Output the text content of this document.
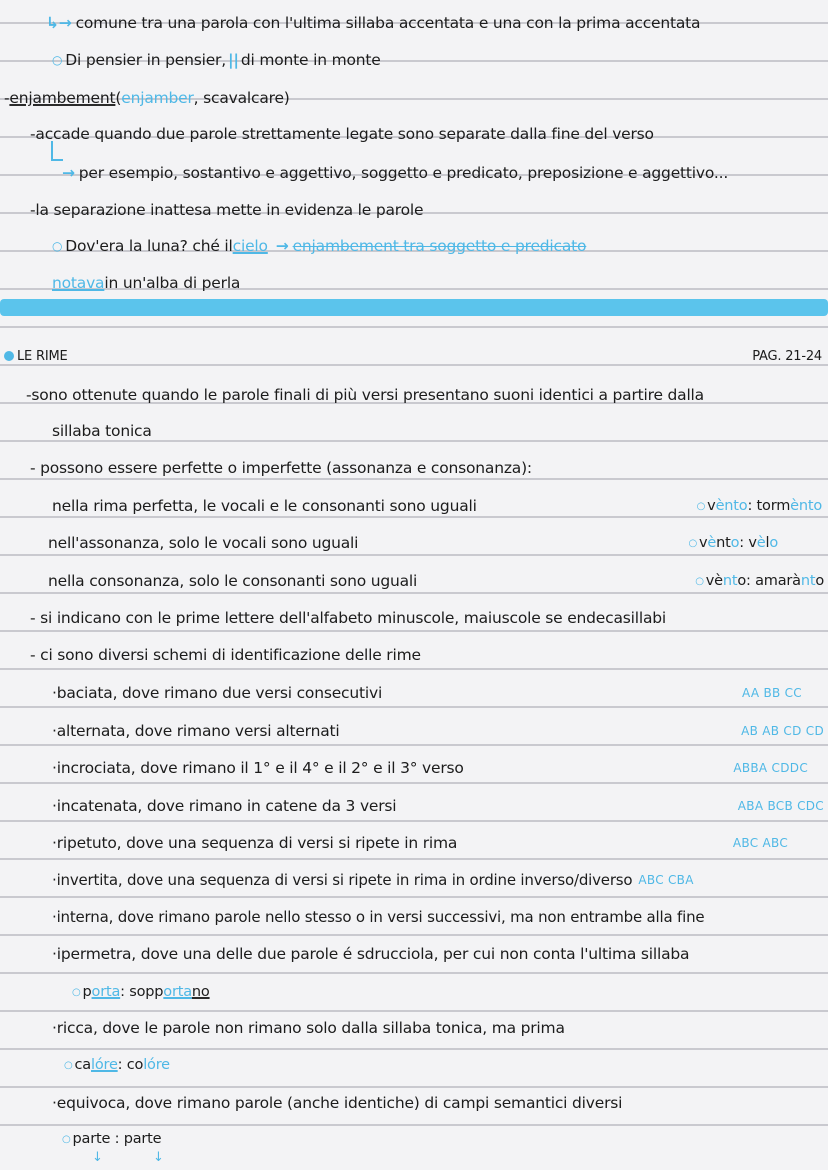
↳→ comune tra una parola con l'ultima sillaba accentata e una con la prima accentata
○ Di pensier in pensier, || di monte in monte
- enjambement ( enjamber , scavalcare)
-accade quando due parole strettamente legate sono separate dalla fine del verso
→ per esempio, sostantivo e aggettivo, soggetto e predicato, preposizione e aggettivo...
-la separazione inattesa mette in evidenza le parole
○ Dov'era la luna? ché il cielo → enjambement tra soggetto e predicato
notava in un'alba di perla
LE RIME	PAG. 21-24
-sono ottenute quando le parole finali di più versi presentano suoni identici a partire dalla
sillaba tonica
- possono essere perfette o imperfette (assonanza e consonanza):
nella rima perfetta, le vocali e le consonanti sono uguali	○ v ènto : torm ènto
nell'assonanza, solo le vocali sono uguali	○ v è nt o : v è l o
nella consonanza, solo le consonanti sono uguali	○ vè nt o : amarà nt o
- si indicano con le prime lettere dell'alfabeto minuscole, maiuscole se endecasillabi
- ci sono diversi schemi di identificazione delle rime
· baciata, dove rimano due versi consecutivi	AA BB CC
· alternata, dove rimano versi alternati	AB AB CD CD
· incrociata, dove rimano il 1° e il 4° e il 2° e il 3° verso	ABBA CDDC
· incatenata, dove rimano in catene da 3 versi	ABA BCB CDC
· ripetuto, dove una sequenza di versi si ripete in rima	ABC ABC
· invertita, dove una sequenza di versi si ripete in rima in ordine inverso/diverso ABC CBA
· interna, dove rimano parole nello stesso o in versi successivi, ma non entrambe alla fine
· ipermetra, dove una delle due parole é sdrucciola, per cui non conta l'ultima sillaba
○ p orta : sopp orta no
· ricca, dove le parole non rimano solo dalla sillaba tonica, ma prima
○ ca lóre : co lóre
· equivoca, dove rimano parole (anche identiche) di campi semantici diversi
○ parte : parte
↓	↓
